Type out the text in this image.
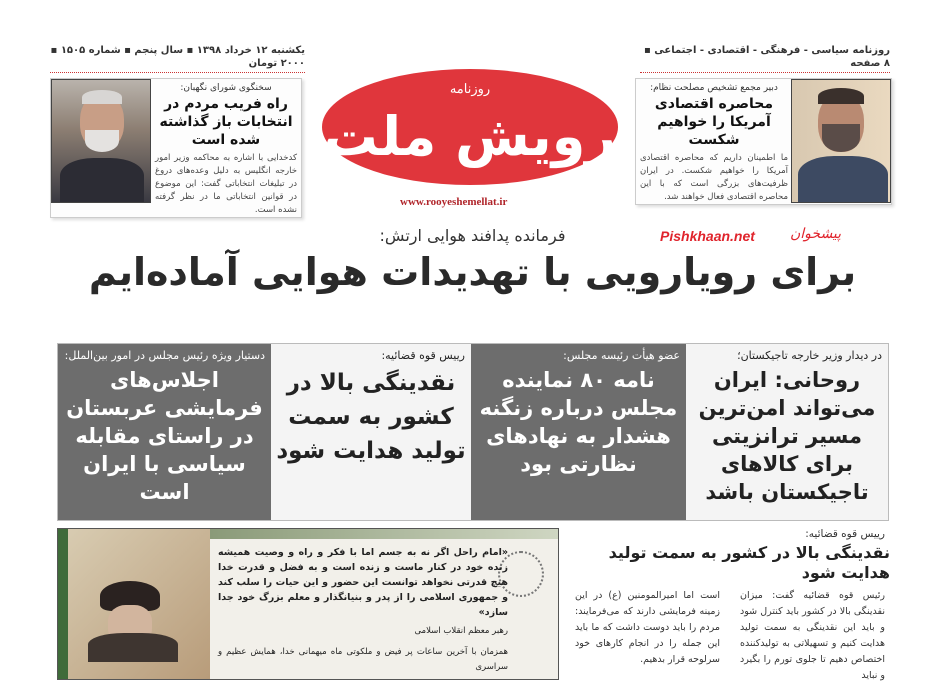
یکشنبه ۱۲ خرداد ۱۳۹۸ ▪ سال پنجم ▪ شماره ۱۵۰۵ ▪ ۲۰۰۰ تومان
روزنامه سیاسی - فرهنگی - اقتصادی - اجتماعی ▪ ۸ صفحه
سخنگوی شورای نگهبان:
راه فریب مردم در انتخابات باز گذاشته شده است
کدخدایی با اشاره به محاکمه وزیر امور خارجه انگلیس به دلیل وعده‌های دروغ در تبلیغات انتخاباتی گفت: این موضوع در قوانین انتخاباتی ما در نظر گرفته نشده است.
رویش ملت
روزنامه
www.rooyeshemellat.ir
دبیر مجمع تشخیص مصلحت نظام:
محاصره اقتصادی آمریکا را خواهیم شکست
ما اطمینان داریم که محاصره اقتصادی آمریکا را خواهیم شکست. در ایران ظرفیت‌های بزرگی است که با این محاصره اقتصادی فعال خواهند شد.
فرمانده پدافند هوایی ارتش:	پیشخوان
Pishkhaan.net
برای رویارویی با تهدیدات هوایی آماده‌ایم
در دیدار وزیر خارجه تاجیکستان؛
روحانی: ایران می‌تواند امن‌ترین مسیر ترانزیتی برای کالاهای تاجیکستان باشد
عضو هیأت رئیسه مجلس:
نامه ۸۰ نماینده مجلس درباره زنگنه هشدار به نهادهای نظارتی بود
رییس قوه قضائیه:
نقدینگی بالا در کشور به سمت تولید هدایت شود
دستیار ویژه رئیس مجلس در امور بین‌الملل:
اجلاس‌های فرمایشی عربستان در راستای مقابله سیاسی با ایران است
«امام راحل اگر نه به جسم اما با فکر و راه و وصیت همیشه زنده خود در کنار ماست و زنده است و به فضل و قدرت خدا هیچ قدرتی نخواهد توانست این حضور و این حیات را سلب کند و جمهوری اسلامی را از پدر و بنیانگذار و معلم بزرگ خود جدا سازد»
رهبر معظم انقلاب اسلامی
همزمان با آخرین ساعات پر فیض و ملکوتی ماه میهمانی خدا، همایش عظیم و سراسری
رییس قوه قضائیه:
نقدینگی بالا در کشور به سمت تولید هدایت شود
رئیس قوه قضائیه گفت: میزان نقدینگی بالا در کشور باید کنترل شود و باید این نقدینگی به سمت تولید هدایت کنیم و تسهیلاتی به تولیدکننده اختصاص دهیم تا جلوی تورم را بگیرد و نباید
است اما امیرالمومنین (ع) در این زمینه فرمایشی دارند که می‌فرمایند: مردم را باید دوست داشت که ما باید این جمله را در انجام کارهای خود سرلوحه قرار بدهیم.
